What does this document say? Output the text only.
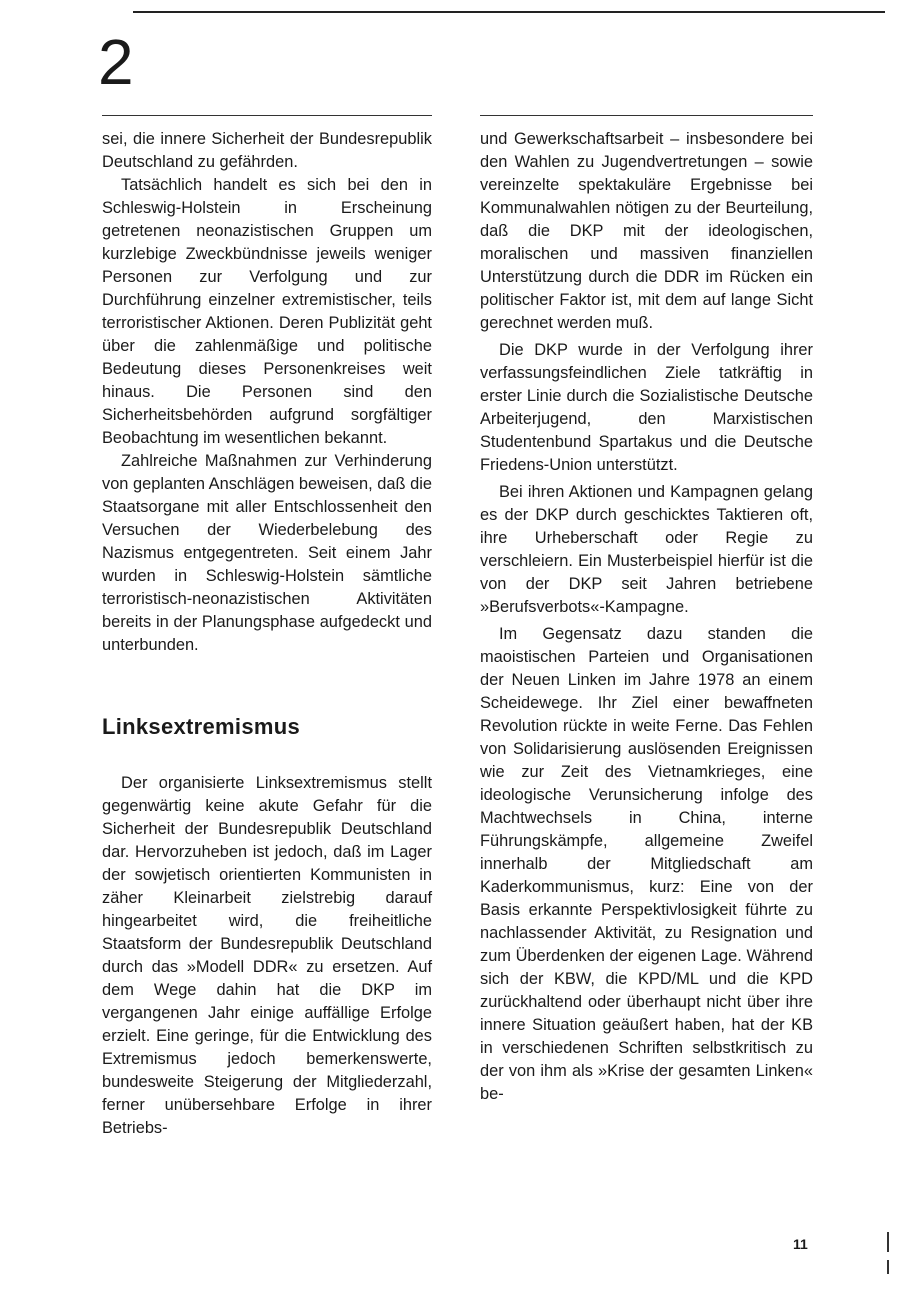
2

sei, die innere Sicherheit der Bundesrepublik Deutschland zu gefährden.

Tatsächlich handelt es sich bei den in Schleswig-Holstein in Erscheinung getretenen neonazistischen Gruppen um kurzlebige Zweckbündnisse jeweils weniger Personen zur Verfolgung und zur Durchführung einzelner extremistischer, teils terroristischer Aktionen. Deren Publizität geht über die zahlenmäßige und politische Bedeutung dieses Personenkreises weit hinaus. Die Personen sind den Sicherheitsbehörden aufgrund sorgfältiger Beobachtung im wesentlichen bekannt.

Zahlreiche Maßnahmen zur Verhinderung von geplanten Anschlägen beweisen, daß die Staatsorgane mit aller Entschlossenheit den Versuchen der Wiederbelebung des Nazismus entgegentreten. Seit einem Jahr wurden in Schleswig-Holstein sämtliche terroristisch-neonazistischen Aktivitäten bereits in der Planungsphase aufgedeckt und unterbunden.

Linksextremismus

Der organisierte Linksextremismus stellt gegenwärtig keine akute Gefahr für die Sicherheit der Bundesrepublik Deutschland dar. Hervorzuheben ist jedoch, daß im Lager der sowjetisch orientierten Kommunisten in zäher Kleinarbeit zielstrebig darauf hingearbeitet wird, die freiheitliche Staatsform der Bundesrepublik Deutschland durch das »Modell DDR« zu ersetzen. Auf dem Wege dahin hat die DKP im vergangenen Jahr einige auffällige Erfolge erzielt. Eine geringe, für die Entwicklung des Extremismus jedoch bemerkenswerte, bundesweite Steigerung der Mitgliederzahl, ferner unübersehbare Erfolge in ihrer Betriebs-

und Gewerkschaftsarbeit – insbesondere bei den Wahlen zu Jugendvertretungen – sowie vereinzelte spektakuläre Ergebnisse bei Kommunalwahlen nötigen zu der Beurteilung, daß die DKP mit der ideologischen, moralischen und massiven finanziellen Unterstützung durch die DDR im Rücken ein politischer Faktor ist, mit dem auf lange Sicht gerechnet werden muß.

Die DKP wurde in der Verfolgung ihrer verfassungsfeindlichen Ziele tatkräftig in erster Linie durch die Sozialistische Deutsche Arbeiterjugend, den Marxistischen Studentenbund Spartakus und die Deutsche Friedens-Union unterstützt.

Bei ihren Aktionen und Kampagnen gelang es der DKP durch geschicktes Taktieren oft, ihre Urheberschaft oder Regie zu verschleiern. Ein Musterbeispiel hierfür ist die von der DKP seit Jahren betriebene »Berufsverbots«-Kampagne.

Im Gegensatz dazu standen die maoistischen Parteien und Organisationen der Neuen Linken im Jahre 1978 an einem Scheidewege. Ihr Ziel einer bewaffneten Revolution rückte in weite Ferne. Das Fehlen von Solidarisierung auslösenden Ereignissen wie zur Zeit des Vietnamkrieges, eine ideologische Verunsicherung infolge des Machtwechsels in China, interne Führungskämpfe, allgemeine Zweifel innerhalb der Mitgliedschaft am Kaderkommunismus, kurz: Eine von der Basis erkannte Perspektivlosigkeit führte zu nachlassender Aktivität, zu Resignation und zum Überdenken der eigenen Lage. Während sich der KBW, die KPD/ML und die KPD zurückhaltend oder überhaupt nicht über ihre innere Situation geäußert haben, hat der KB in verschiedenen Schriften selbstkritisch zu der von ihm als »Krise der gesamten Linken« be-

11
